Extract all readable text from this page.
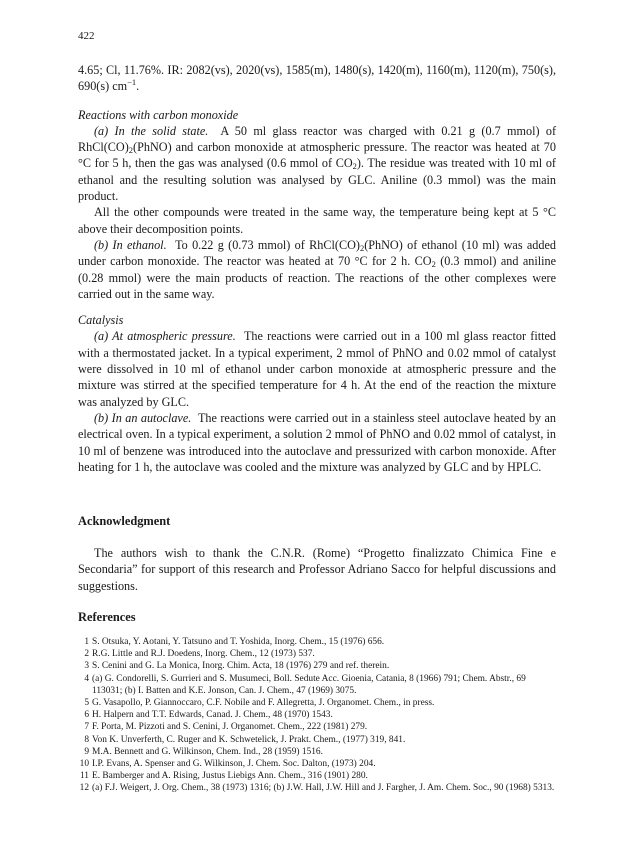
422

4.65; Cl, 11.76%. IR: 2082(vs), 2020(vs), 1585(m), 1480(s), 1420(m), 1160(m), 1120(m), 750(s), 690(s) $cm^{-1}$.

Reactions with carbon monoxide

(a) In the solid state. A 50 ml glass reactor was charged with 0.21 g (0.7 mmol) of $RhCl(CO)_2(PhNO)$ and carbon monoxide at atmospheric pressure. The reactor was heated at 70 °C for 5 h, then the gas was analysed (0.6 mmol of $CO_2$). The residue was treated with 10 ml of ethanol and the resulting solution was analysed by GLC. Aniline (0.3 mmol) was the main product.

All the other compounds were treated in the same way, the temperature being kept at 5 °C above their decomposition points.

(b) In ethanol. To 0.22 g (0.73 mmol) of $RhCl(CO)_2(PhNO)$ of ethanol (10 ml) was added under carbon monoxide. The reactor was heated at 70 °C for 2 h. $CO_2$ (0.3 mmol) and aniline (0.28 mmol) were the main products of reaction. The reactions of the other complexes were carried out in the same way.

Catalysis

(a) At atmospheric pressure. The reactions were carried out in a 100 ml glass reactor fitted with a thermostated jacket. In a typical experiment, 2 mmol of PhNO and 0.02 mmol of catalyst were dissolved in 10 ml of ethanol under carbon monoxide at atmospheric pressure and the mixture was stirred at the specified temperature for 4 h. At the end of the reaction the mixture was analyzed by GLC.

(b) In an autoclave. The reactions were carried out in a stainless steel autoclave heated by an electrical oven. In a typical experiment, a solution 2 mmol of PhNO and 0.02 mmol of catalyst, in 10 ml of benzene was introduced into the autoclave and pressurized with carbon monoxide. After heating for 1 h, the autoclave was cooled and the mixture was analyzed by GLC and by HPLC.

Acknowledgment

The authors wish to thank the C.N.R. (Rome) “Progetto finalizzato Chimica Fine e Secondaria” for support of this research and Professor Adriano Sacco for helpful discussions and suggestions.

References
1 S. Otsuka, Y. Aotani, Y. Tatsuno and T. Yoshida, Inorg. Chem., 15 (1976) 656.
2 R.G. Little and R.J. Doedens, Inorg. Chem., 12 (1973) 537.
3 S. Cenini and G. La Monica, Inorg. Chim. Acta, 18 (1976) 279 and ref. therein.
4 (a) G. Condorelli, S. Gurrieri and S. Musumeci, Boll. Sedute Acc. Gioenia, Catania, 8 (1966) 791; Chem. Abstr., 69 113031; (b) I. Batten and K.E. Jonson, Can. J. Chem., 47 (1969) 3075.
5 G. Vasapollo, P. Giannoccaro, C.F. Nobile and F. Allegretta, J. Organomet. Chem., in press.
6 H. Halpern and T.T. Edwards, Canad. J. Chem., 48 (1970) 1543.
7 F. Porta, M. Pizzoti and S. Cenini, J. Organomet. Chem., 222 (1981) 279.
8 Von K. Unverferth, C. Ruger and K. Schwetelick, J. Prakt. Chem., (1977) 319, 841.
9 M.A. Bennett and G. Wilkinson, Chem. Ind., 28 (1959) 1516.
10 I.P. Evans, A. Spenser and G. Wilkinson, J. Chem. Soc. Dalton, (1973) 204.
11 E. Bamberger and A. Rising, Justus Liebigs Ann. Chem., 316 (1901) 280.
12 (a) F.J. Weigert, J. Org. Chem., 38 (1973) 1316; (b) J.W. Hall, J.W. Hill and J. Fargher, J. Am. Chem. Soc., 90 (1968) 5313.
